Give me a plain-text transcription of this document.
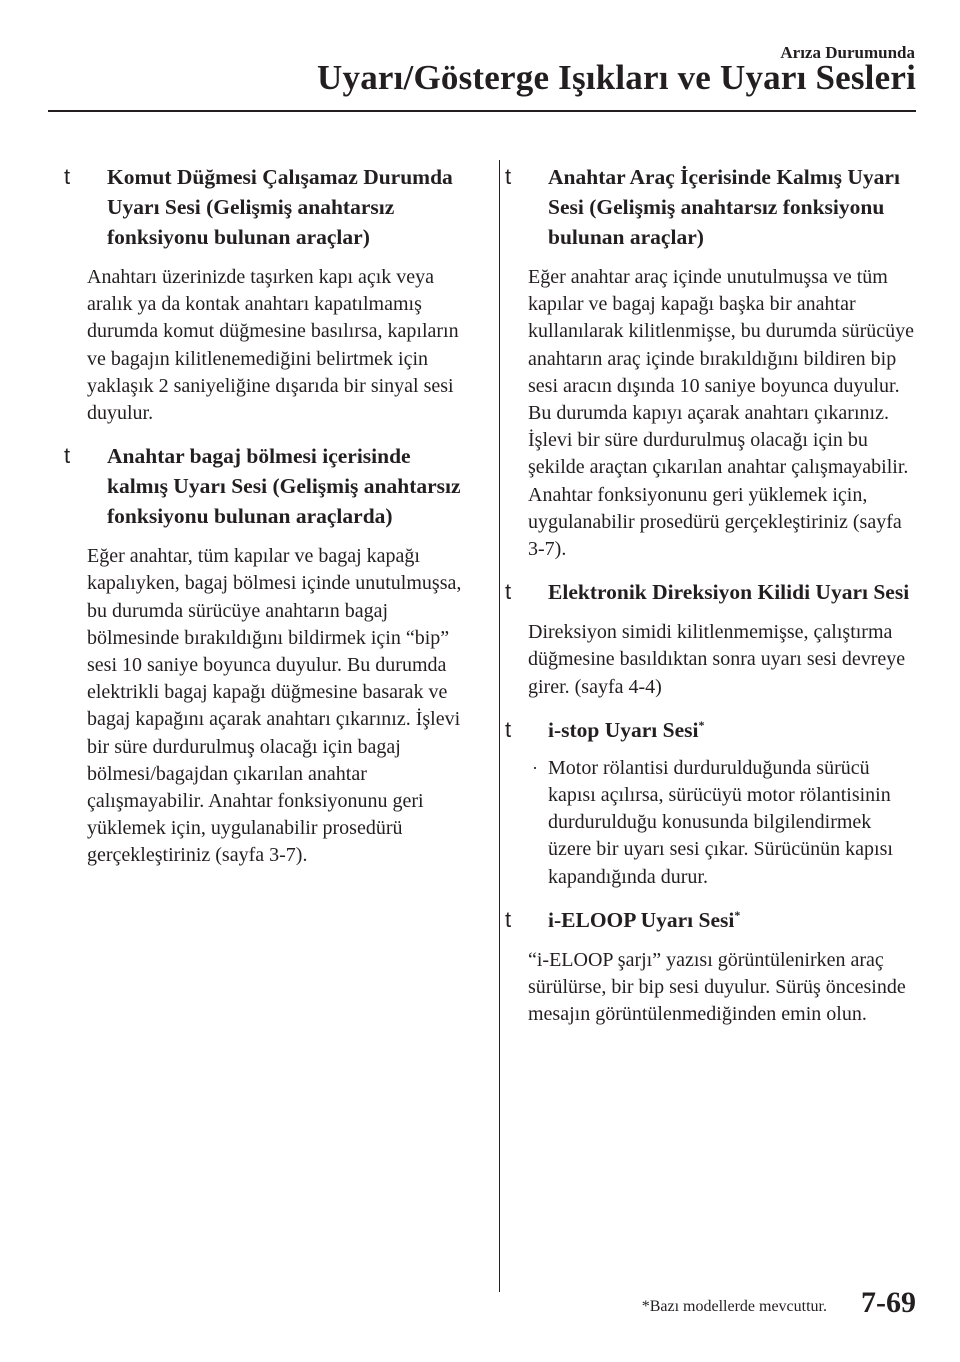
Arıza Durumunda
Uyarı/Gösterge Işıkları ve Uyarı Sesleri
t Komut Düğmesi Çalışamaz Durumda Uyarı Sesi (Gelişmiş anahtarsız fonksiyonu bulunan araçlar)

Anahtarı üzerinizde taşırken kapı açık veya aralık ya da kontak anahtarı kapatılmamış durumda komut düğmesine basılırsa, kapıların ve bagajın kilitlenemediğini belirtmek için yaklaşık 2 saniyeliğine dışarıda bir sinyal sesi duyulur.

t Anahtar bagaj bölmesi içerisinde kalmış Uyarı Sesi (Gelişmiş anahtarsız fonksiyonu bulunan araçlarda)

Eğer anahtar, tüm kapılar ve bagaj kapağı kapalıyken, bagaj bölmesi içinde unutulmuşsa, bu durumda sürücüye anahtarın bagaj bölmesinde bırakıldığını bildirmek için “bip” sesi 10 saniye boyunca duyulur. Bu durumda elektrikli bagaj kapağı düğmesine basarak ve bagaj kapağını açarak anahtarı çıkarınız. İşlevi bir süre durdurulmuş olacağı için bagaj bölmesi/bagajdan çıkarılan anahtar çalışmayabilir. Anahtar fonksiyonunu geri yüklemek için, uygulanabilir prosedürü gerçekleştiriniz (sayfa 3-7).

t Anahtar Araç İçerisinde Kalmış Uyarı Sesi (Gelişmiş anahtarsız fonksiyonu bulunan araçlar)

Eğer anahtar araç içinde unutulmuşsa ve tüm kapılar ve bagaj kapağı başka bir anahtar kullanılarak kilitlenmişse, bu durumda sürücüye anahtarın araç içinde bırakıldığını bildiren bip sesi aracın dışında 10 saniye boyunca duyulur. Bu durumda kapıyı açarak anahtarı çıkarınız. İşlevi bir süre durdurulmuş olacağı için bu şekilde araçtan çıkarılan anahtar çalışmayabilir. Anahtar fonksiyonunu geri yüklemek için, uygulanabilir prosedürü gerçekleştiriniz (sayfa 3-7).

t Elektronik Direksiyon Kilidi Uyarı Sesi

Direksiyon simidi kilitlenmemişse, çalıştırma düğmesine basıldıktan sonra uyarı sesi devreye girer. (sayfa 4-4)

t i-stop Uyarı Sesi*
· Motor rölantisi durdurulduğunda sürücü kapısı açılırsa, sürücüyü motor rölantisinin durdurulduğu konusunda bilgilendirmek üzere bir uyarı sesi çıkar. Sürücünün kapısı kapandığında durur.
t i-ELOOP Uyarı Sesi*

“i-ELOOP şarjı” yazısı görüntülenirken araç sürülürse, bir bip sesi duyulur. Sürüş öncesinde mesajın görüntülenmediğinden emin olun.

*Bazı modellerde mevcuttur. 7-69
